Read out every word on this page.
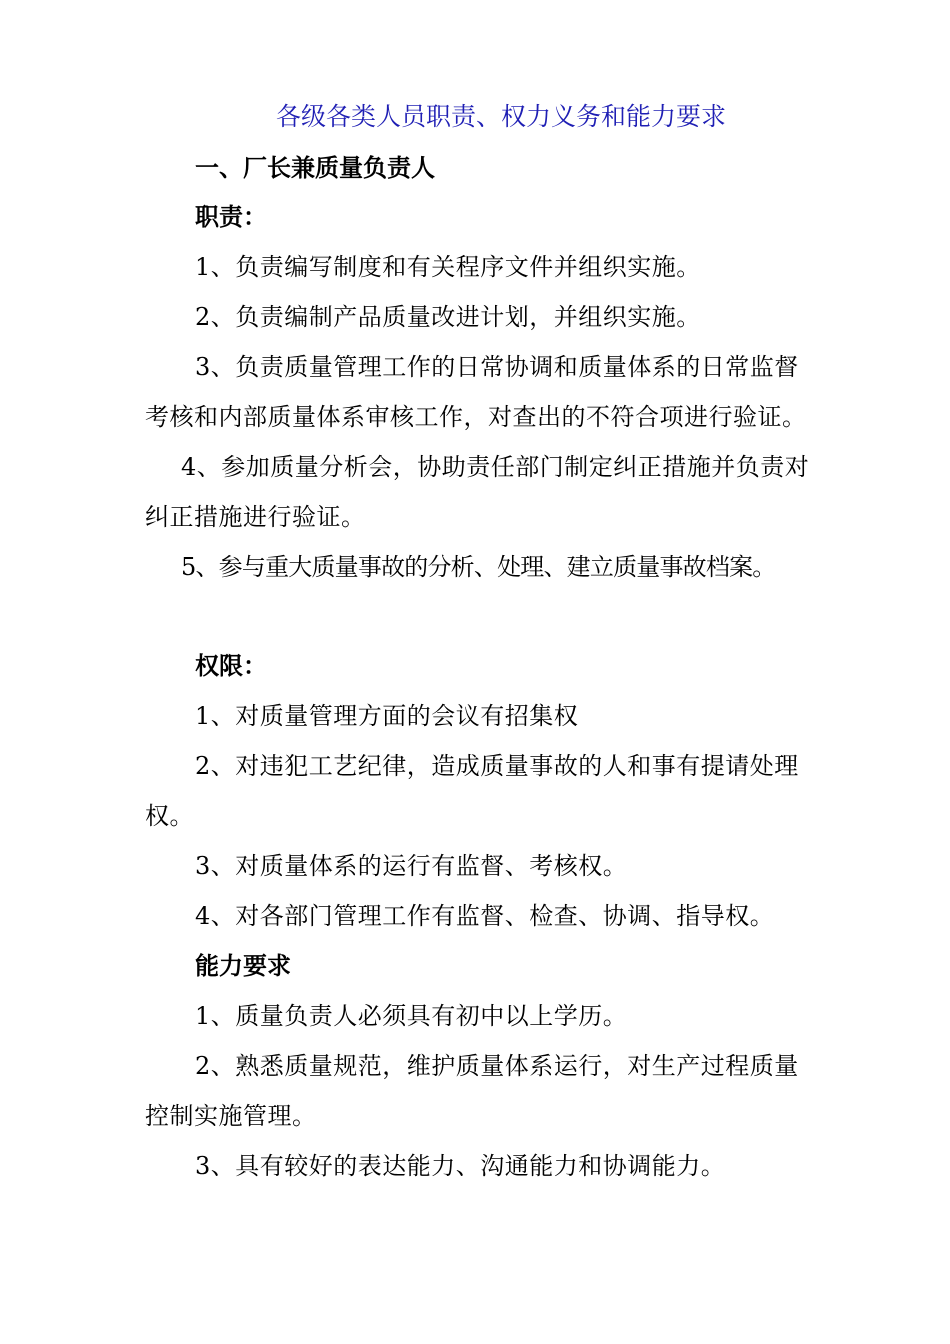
各级各类人员职责、权力义务和能力要求
一、厂长兼质量负责人

职责：

1、负责编写制度和有关程序文件并组织实施。

2、负责编制产品质量改进计划，并组织实施。

3、负责质量管理工作的日常协调和质量体系的日常监督考核和内部质量体系审核工作，对查出的不符合项进行验证。

4、参加质量分析会，协助责任部门制定纠正措施并负责对纠正措施进行验证。

5、参与重大质量事故的分析、处理、建立质量事故档案。

权限：

1、对质量管理方面的会议有招集权

2、对违犯工艺纪律，造成质量事故的人和事有提请处理权。

3、对质量体系的运行有监督、考核权。

4、对各部门管理工作有监督、检查、协调、指导权。

能力要求

1、质量负责人必须具有初中以上学历。

2、熟悉质量规范，维护质量体系运行，对生产过程质量控制实施管理。

3、具有较好的表达能力、沟通能力和协调能力。
